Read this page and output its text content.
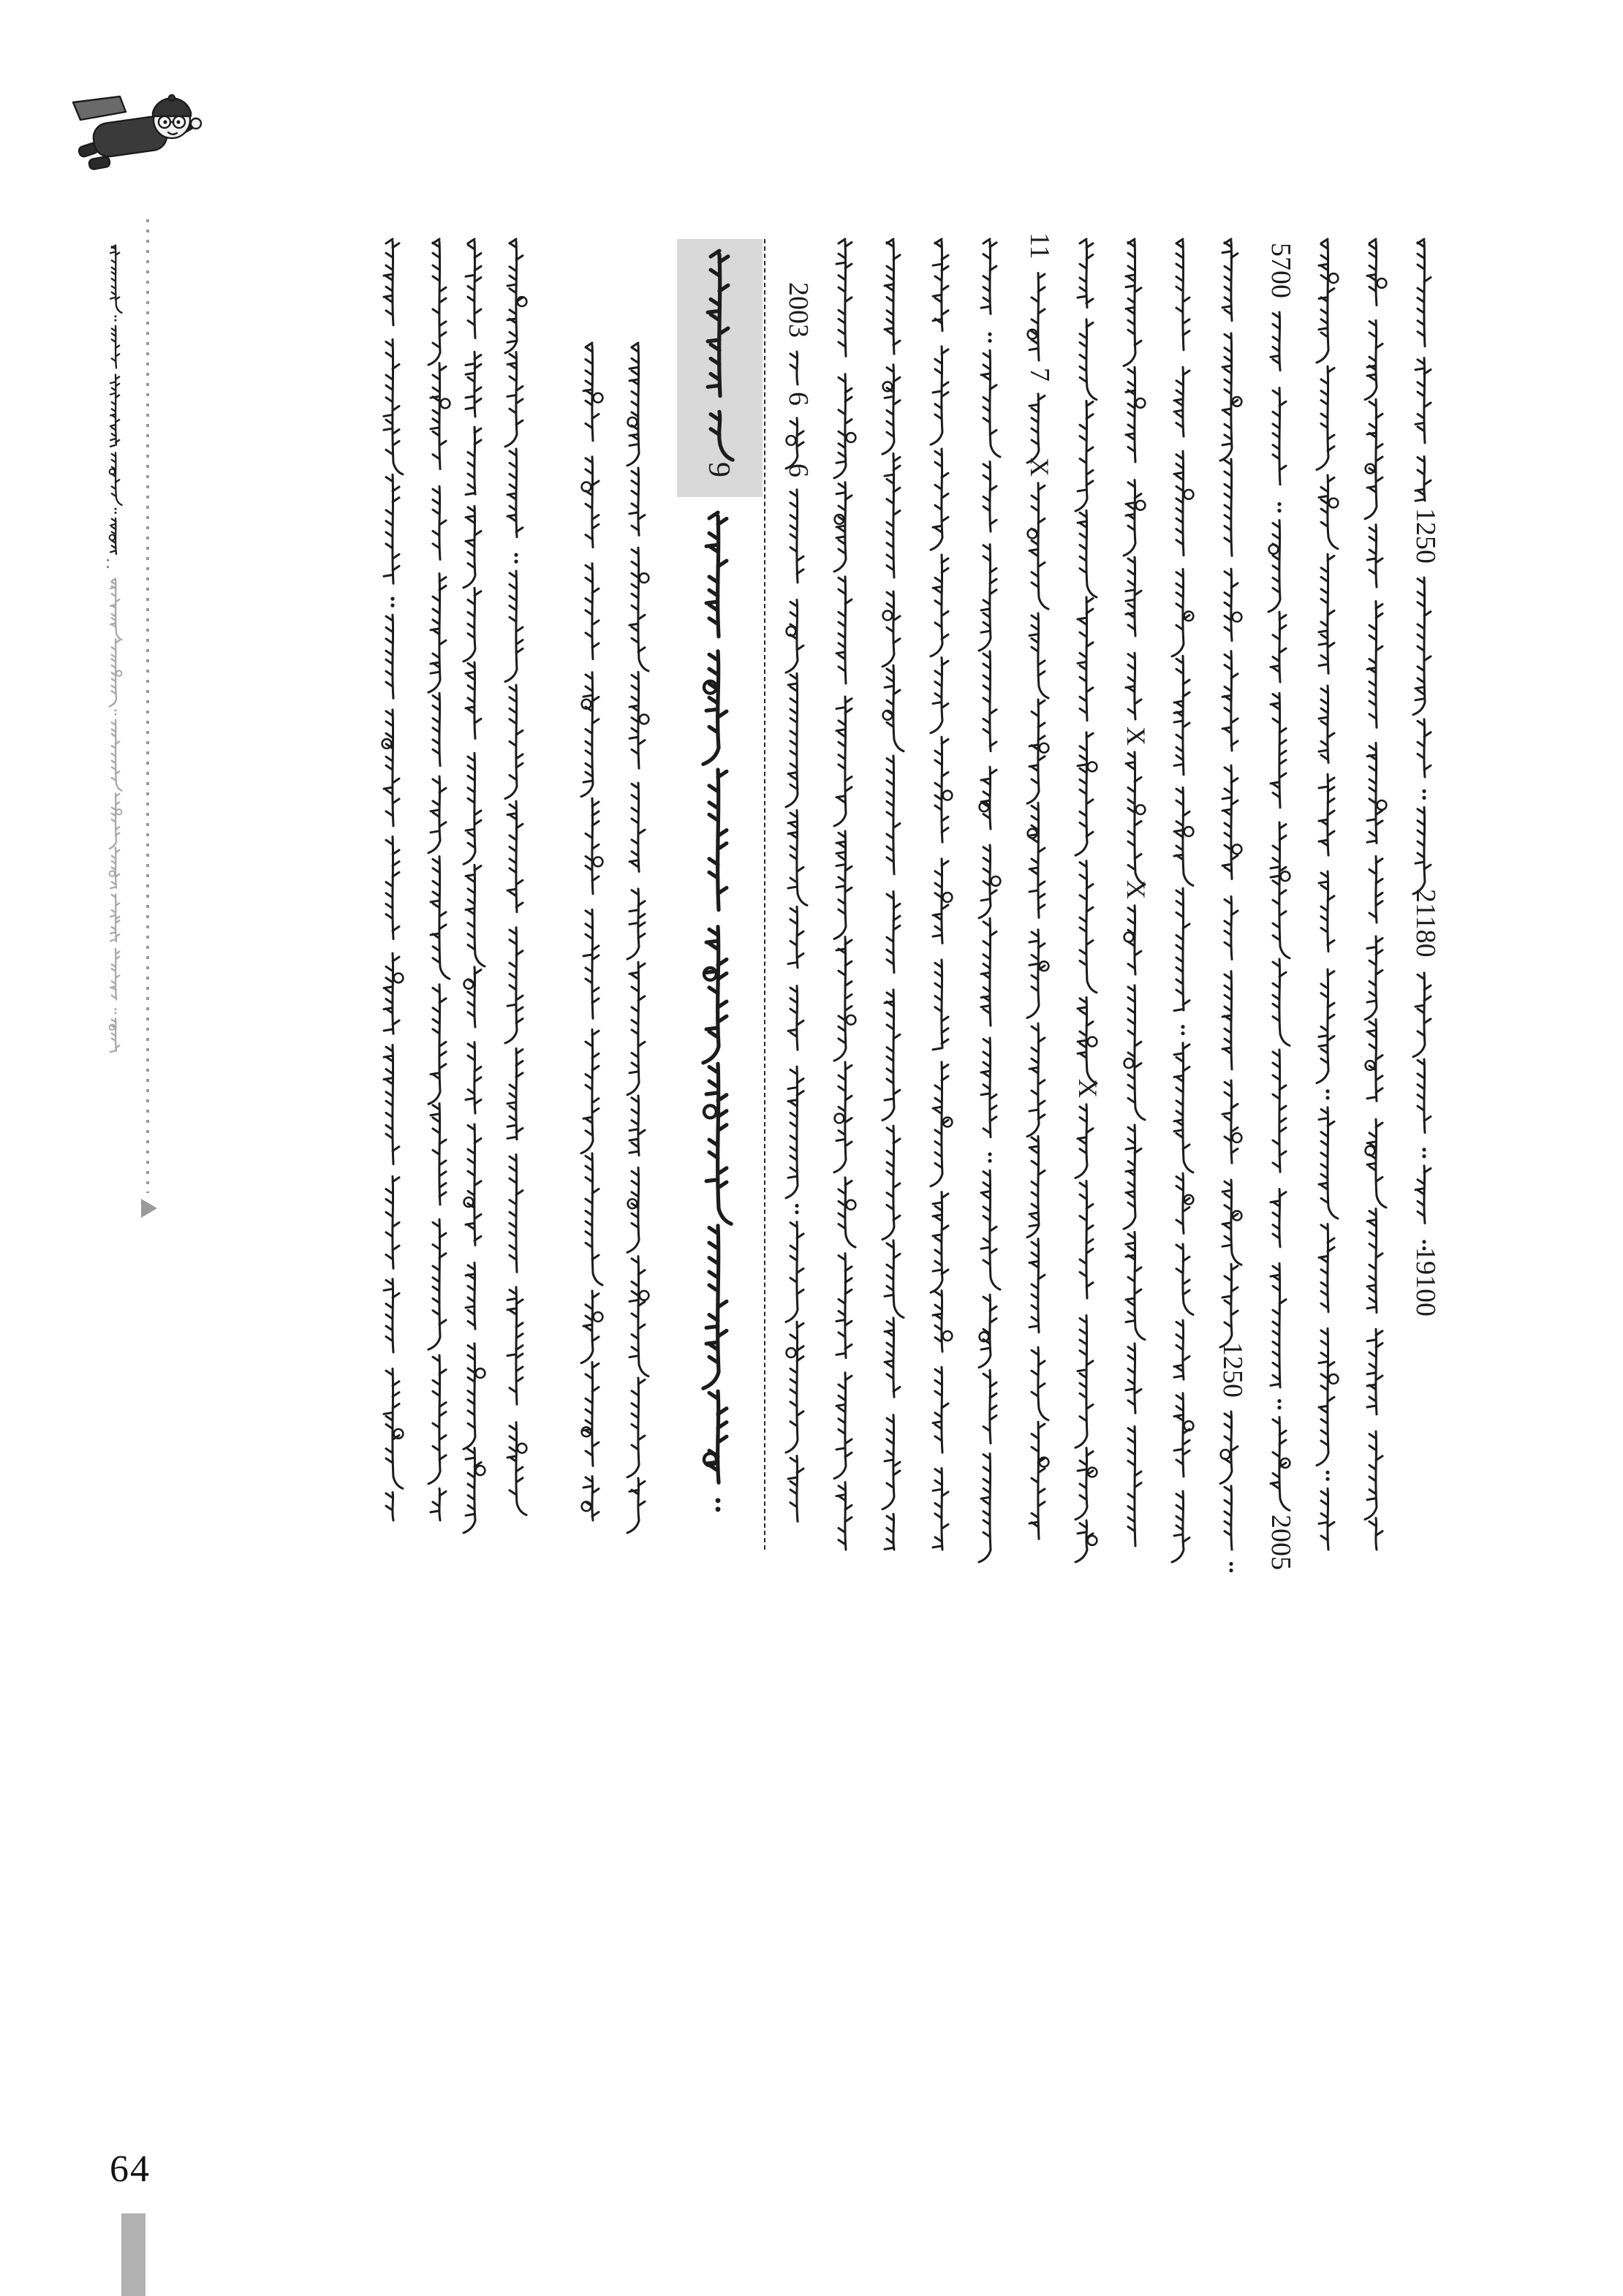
:
9
2003
6
6
11
7
X
X
X
X
1250
5700
2005
1250
21180
19100
64
